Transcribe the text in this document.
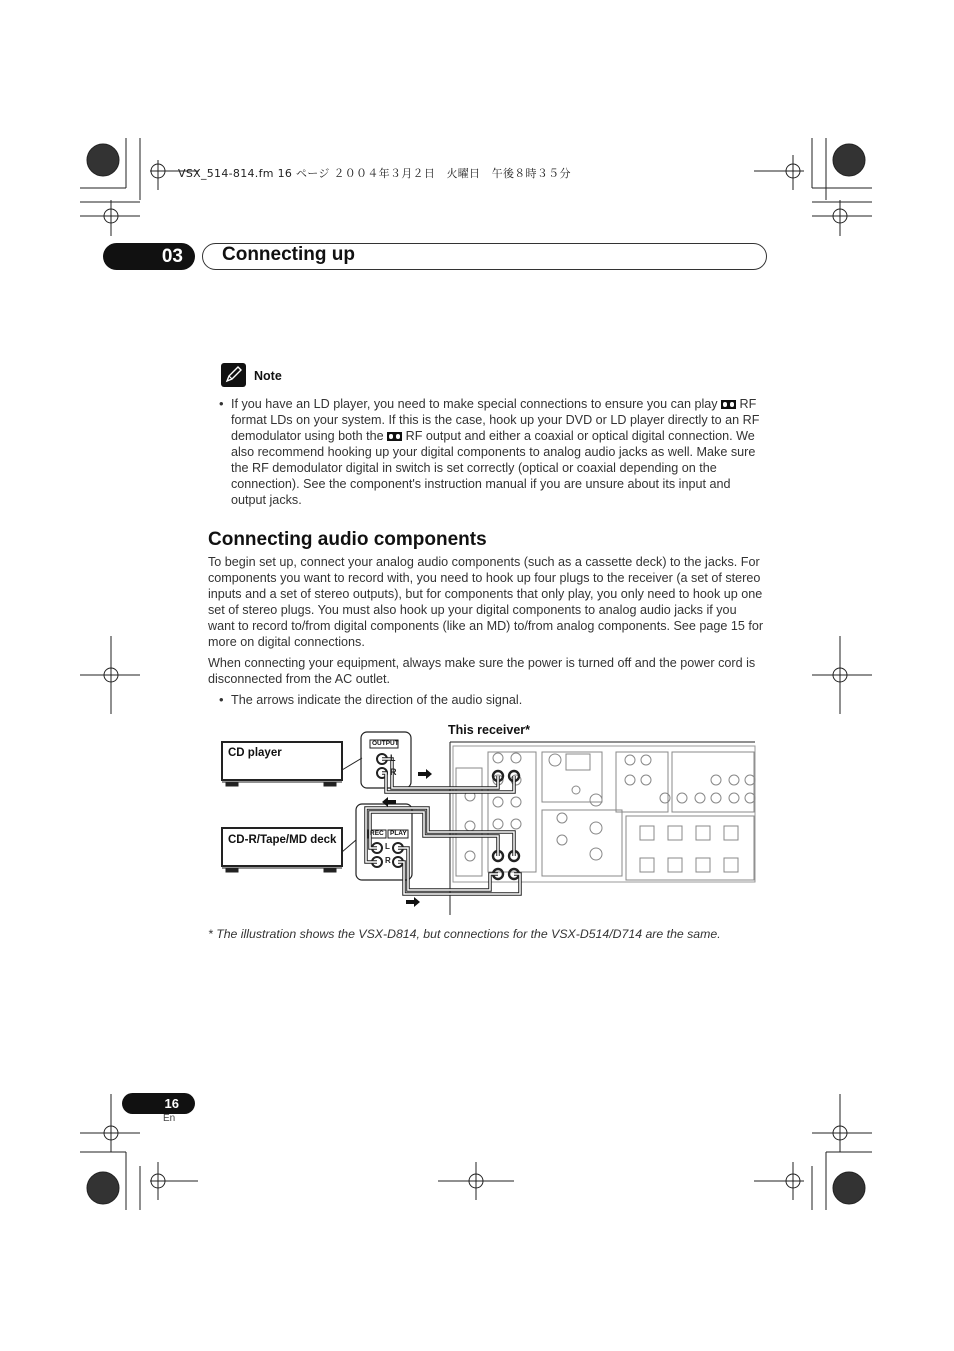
VSX_514-814.fm 16 ページ ２００４年３月２日　火曜日　午後８時３５分
03 Connecting up
Note
• If you have an LD player, you need to make special connections to ensure you can play  RF format LDs on your system. If this is the case, hook up your DVD or LD player directly to an RF demodulator using both the  RF output and either a coaxial or optical digital connection. We also recommend hooking up your digital components to analog audio jacks as well. Make sure the RF demodulator digital in switch is set correctly (optical or coaxial depending on the connection). See the component's instruction manual if you are unsure about its input and output jacks.
Connecting audio components
To begin set up, connect your analog audio components (such as a cassette deck) to the jacks. For components you want to record with, you need to hook up four plugs to the receiver (a set of stereo inputs and a set of stereo outputs), but for components that only play, you only need to hook up one set of stereo plugs. You must also hook up your digital components to analog audio jacks if you want to record to/from digital components (like an MD) to/from analog components. See page 15 for more on digital connections.
When connecting your equipment, always make sure the power is turned off and the power cord is disconnected from the AC outlet.
• The arrows indicate the direction of the audio signal.
This receiver*
CD player
CD-R/Tape/MD deck
OUTPUT
REC PLAY
L
R
L
R
* The illustration shows the VSX-D814, but connections for the VSX-D514/D714 are the same.
16
En
